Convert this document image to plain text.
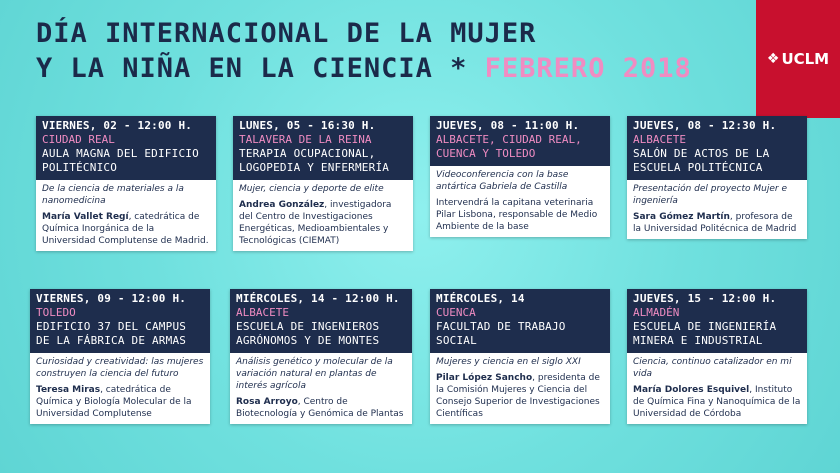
DÍA INTERNACIONAL DE LA MUJER
Y LA NIÑA EN LA CIENCIA * FEBRERO 2018	❖ UCLM
VIERNES, 02 - 12:00 H.
CIUDAD REAL
AULA MAGNA DEL EDIFICIO POLITÉCNICO
De la ciencia de materiales a la nanomedicina
María Vallet Regí, catedrática de Química Inorgánica de la Universidad Complutense de Madrid.
LUNES, 05 - 16:30 H.
TALAVERA DE LA REINA
TERAPIA OCUPACIONAL, LOGOPEDIA Y ENFERMERÍA
Mujer, ciencia y deporte de elite
Andrea González, investigadora del Centro de Investigaciones Energéticas, Medioambientales y Tecnológicas (CIEMAT)
JUEVES, 08 - 11:00 H.
ALBACETE, CIUDAD REAL, CUENCA Y TOLEDO
Videoconferencia con la base antártica Gabriela de Castilla
Intervendrá la capitana veterinaria Pilar Lisbona, responsable de Medio Ambiente de la base
JUEVES, 08 - 12:30 H.
ALBACETE
SALÓN DE ACTOS DE LA ESCUELA POLITÉCNICA
Presentación del proyecto Mujer e ingeniería
Sara Gómez Martín, profesora de la Universidad Politécnica de Madrid
VIERNES, 09 - 12:00 H.
TOLEDO
EDIFICIO 37 DEL CAMPUS DE LA FÁBRICA DE ARMAS
Curiosidad y creatividad: las mujeres construyen la ciencia del futuro
Teresa Miras, catedrática de Química y Biología Molecular de la Universidad Complutense
MIÉRCOLES, 14 - 12:00 H.
ALBACETE
ESCUELA DE INGENIEROS AGRÓNOMOS Y DE MONTES
Análisis genético y molecular de la variación natural en plantas de interés agrícola
Rosa Arroyo, Centro de Biotecnología y Genómica de Plantas
MIÉRCOLES, 14
CUENCA
FACULTAD DE TRABAJO SOCIAL
Mujeres y ciencia en el siglo XXI
Pilar López Sancho, presidenta de la Comisión Mujeres y Ciencia del Consejo Superior de Investigaciones Científicas
JUEVES, 15 - 12:00 H.
ALMADÉN
ESCUELA DE INGENIERÍA MINERA E INDUSTRIAL
Ciencia, continuo catalizador en mi vida
María Dolores Esquivel, Instituto de Química Fina y Nanoquímica de la Universidad de Córdoba
